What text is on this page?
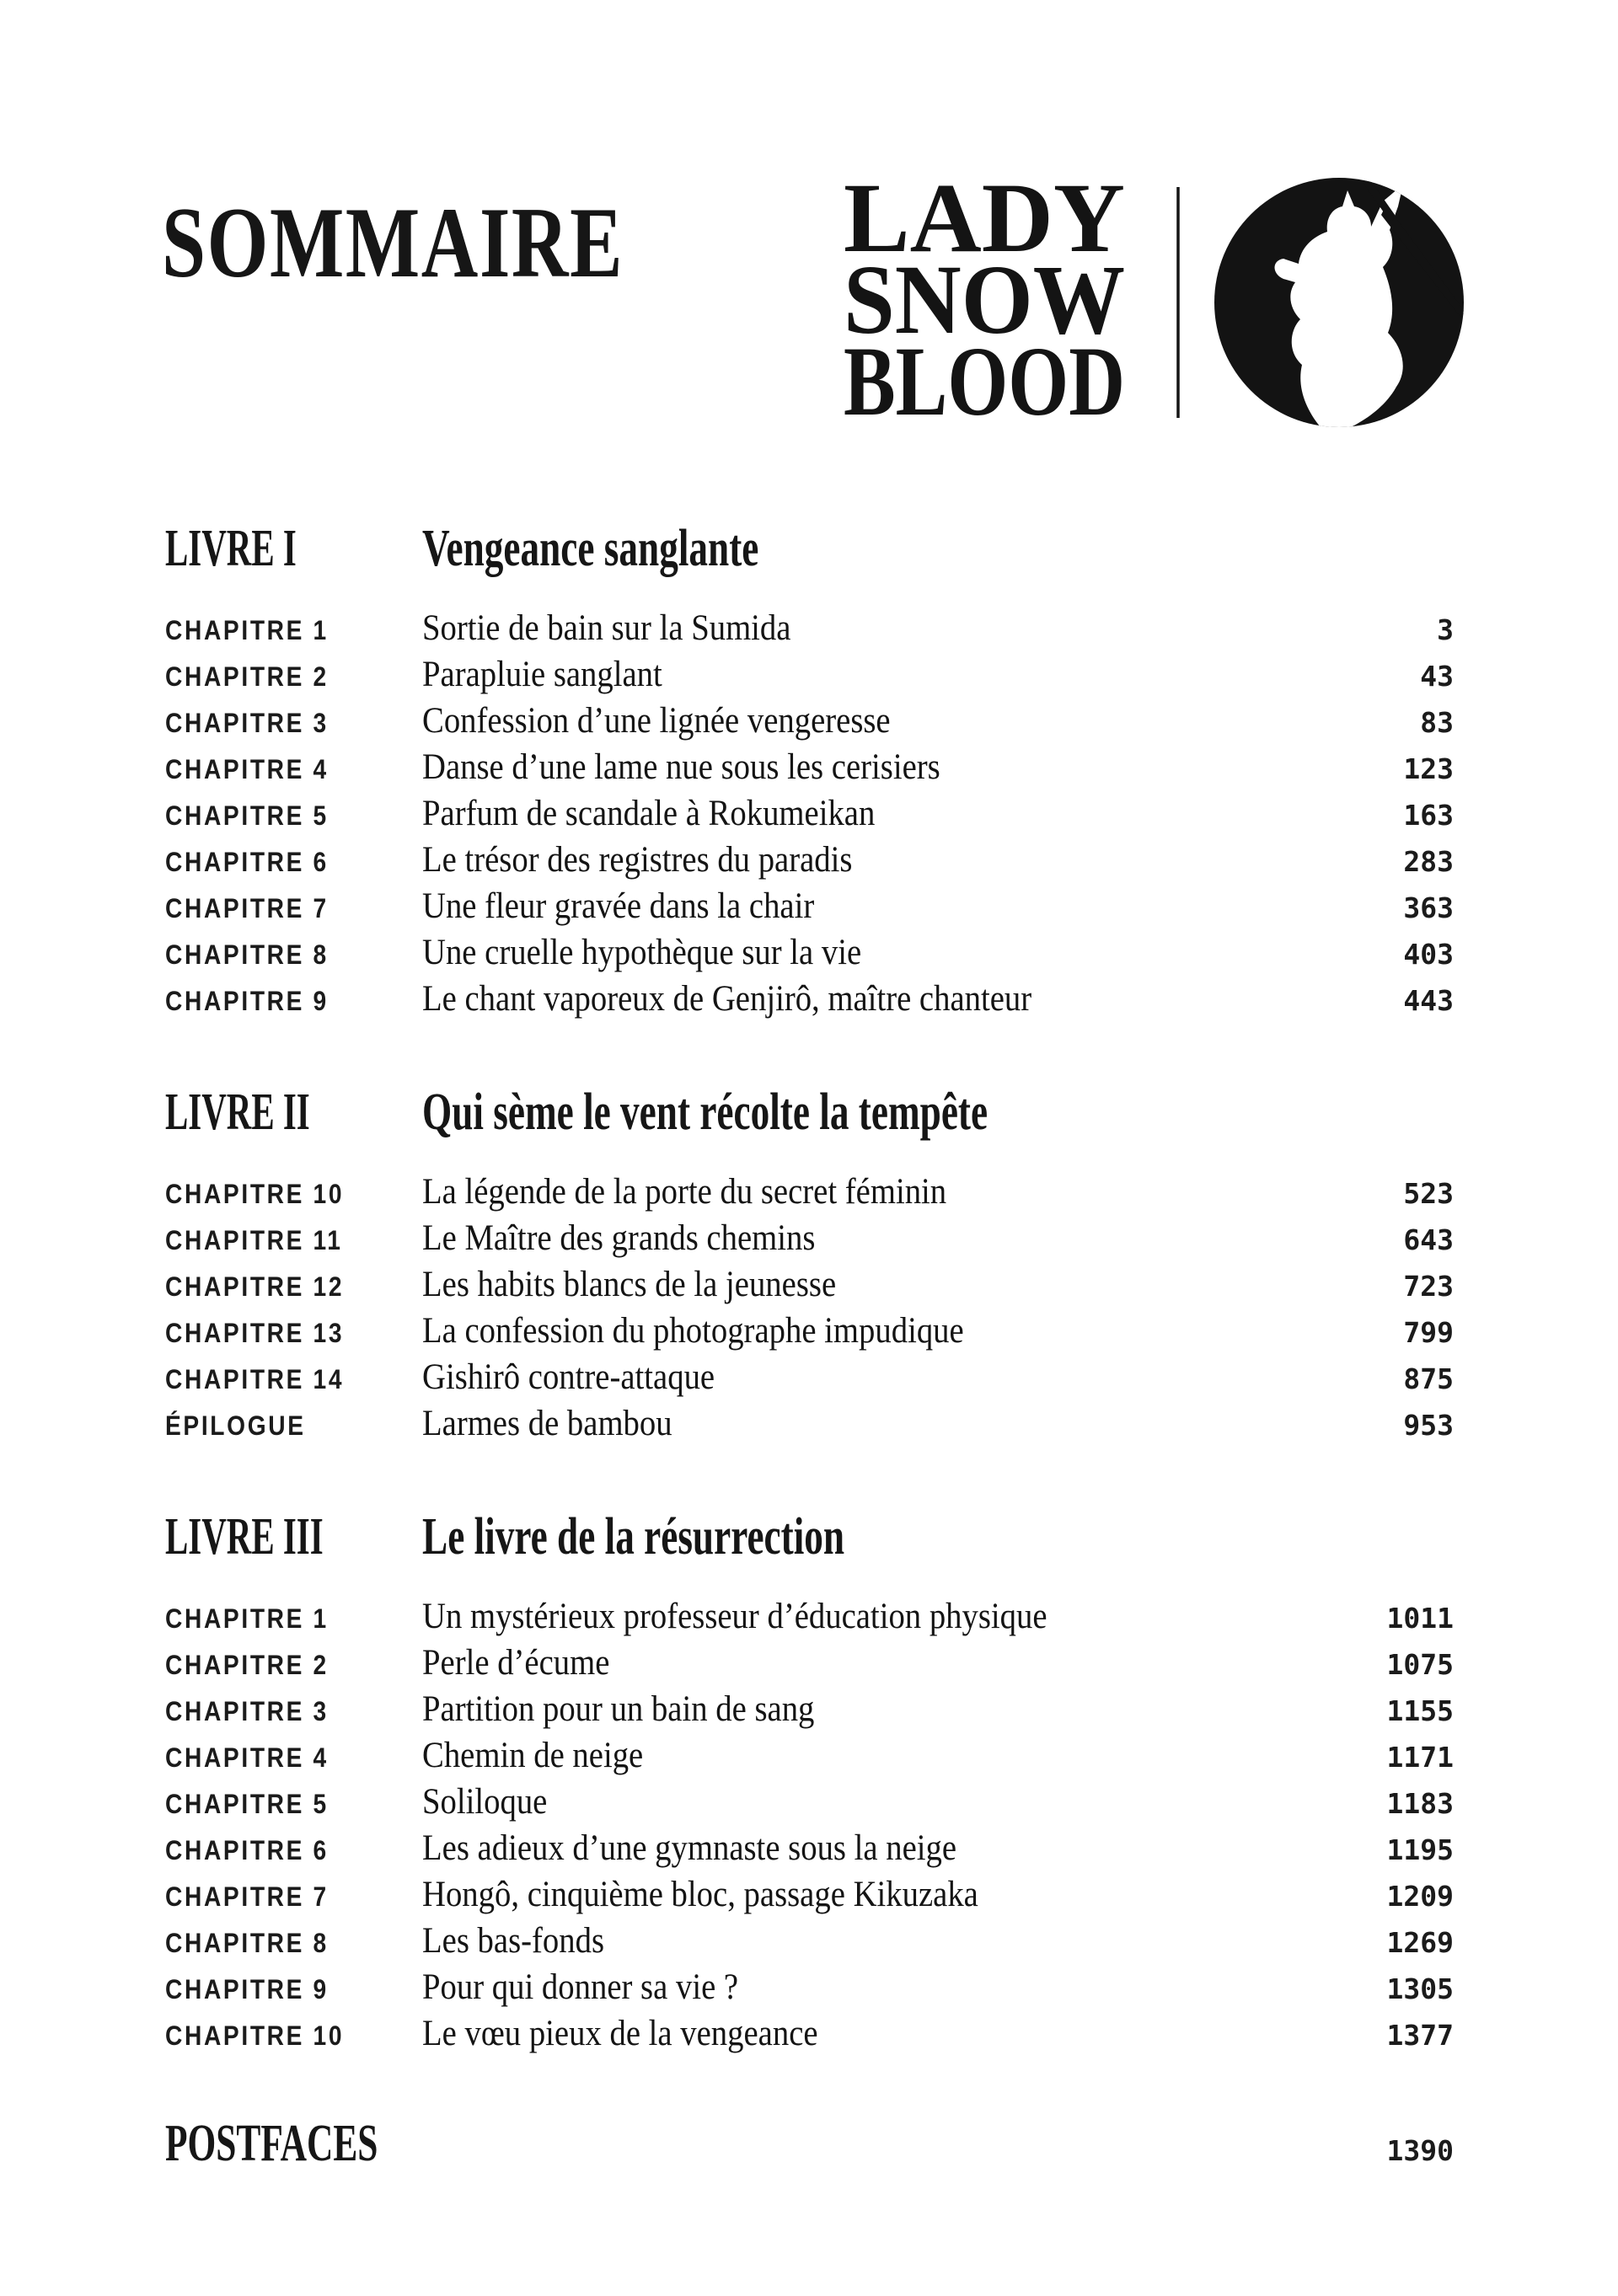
SOMMAIRE LADY
SNOW
BLOOD
LIVRE I	Vengeance sanglante
CHAPITRE 1	Sortie de bain sur la Sumida	3
CHAPITRE 2	Parapluie sanglant	43
CHAPITRE 3	Confession d’une lignée vengeresse	83
CHAPITRE 4	Danse d’une lame nue sous les cerisiers	123
CHAPITRE 5	Parfum de scandale à Rokumeikan	163
CHAPITRE 6	Le trésor des registres du paradis	283
CHAPITRE 7	Une fleur gravée dans la chair	363
CHAPITRE 8	Une cruelle hypothèque sur la vie	403
CHAPITRE 9	Le chant vaporeux de Genjirô, maître chanteur	443
LIVRE II	Qui sème le vent récolte la tempête
CHAPITRE 10	La légende de la porte du secret féminin	523
CHAPITRE 11	Le Maître des grands chemins	643
CHAPITRE 12	Les habits blancs de la jeunesse	723
CHAPITRE 13	La confession du photographe impudique	799
CHAPITRE 14	Gishirô contre-attaque	875
ÉPILOGUE	Larmes de bambou	953
LIVRE III	Le livre de la résurrection
CHAPITRE 1	Un mystérieux professeur d’éducation physique	1011
CHAPITRE 2	Perle d’écume	1075
CHAPITRE 3	Partition pour un bain de sang	1155
CHAPITRE 4	Chemin de neige	1171
CHAPITRE 5	Soliloque	1183
CHAPITRE 6	Les adieux d’une gymnaste sous la neige	1195
CHAPITRE 7	Hongô, cinquième bloc, passage Kikuzaka	1209
CHAPITRE 8	Les bas-fonds	1269
CHAPITRE 9	Pour qui donner sa vie ?	1305
CHAPITRE 10	Le vœu pieux de la vengeance	1377
POSTFACES	1390
